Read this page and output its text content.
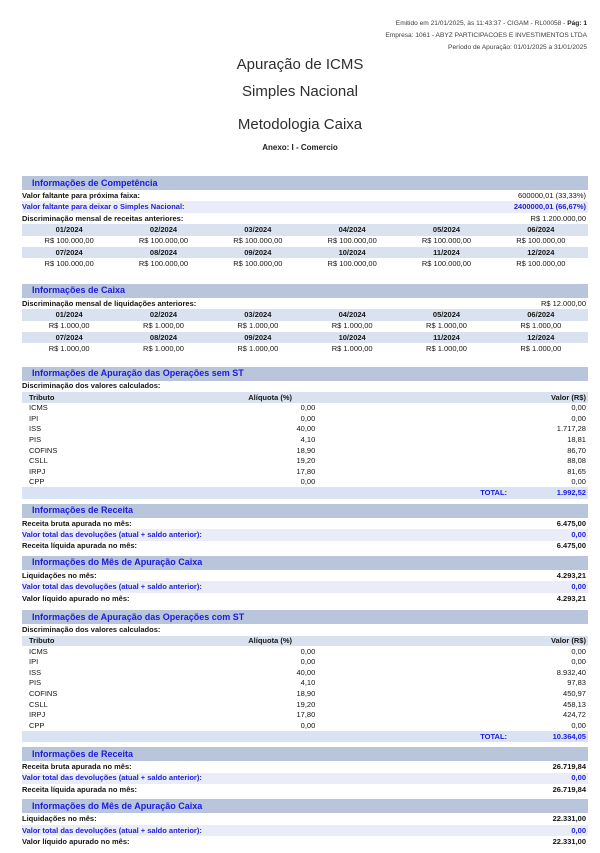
Emitido em 21/01/2025, às 11:43:37 - CIGAM - RL00058 - Pág: 1
Empresa: 1061 - ABYZ PARTICIPACOES E INVESTIMENTOS LTDA
Período de Apuração: 01/01/2025 a 31/01/2025
Apuração de ICMS
Simples Nacional
Metodologia Caixa
Anexo: I - Comercio
Informações de Competência
Valor faltante para próxima faixa:	600000,01 (33,33%)
Valor faltante para deixar o Simples Nacional:	2400000,01 (66,67%)
Discriminação mensal de receitas anteriores:	R$ 1.200.000,00
01/2024	02/2024	03/2024	04/2024	05/2024	06/2024
R$ 100.000,00	R$ 100.000,00	R$ 100.000,00	R$ 100.000,00	R$ 100.000,00	R$ 100.000,00
07/2024	08/2024	09/2024	10/2024	11/2024	12/2024
R$ 100.000,00	R$ 100.000,00	R$ 100.000,00	R$ 100.000,00	R$ 100.000,00	R$ 100.000,00
Informações de Caixa
Discriminação mensal de liquidações anteriores:	R$ 12.000,00
01/2024	02/2024	03/2024	04/2024	05/2024	06/2024
R$ 1.000,00	R$ 1.000,00	R$ 1.000,00	R$ 1.000,00	R$ 1.000,00	R$ 1.000,00
07/2024	08/2024	09/2024	10/2024	11/2024	12/2024
R$ 1.000,00	R$ 1.000,00	R$ 1.000,00	R$ 1.000,00	R$ 1.000,00	R$ 1.000,00
Informações de Apuração das Operações sem ST
Discriminação dos valores calculados:
Tributo	Alíquota (%)	Valor (R$)
ICMS	0,00	0,00
IPI	0,00	0,00
ISS	40,00	1.717,28
PIS	4,10	18,81
COFINS	18,90	86,70
CSLL	19,20	88,08
IRPJ	17,80	81,65
CPP	0,00	0,00
TOTAL:	1.992,52
Informações de Receita
Receita bruta apurada no mês:	6.475,00
Valor total das devoluções (atual + saldo anterior):	0,00
Receita líquida apurada no mês:	6.475,00
Informações do Mês de Apuração Caixa
Liquidações no mês:	4.293,21
Valor total das devoluções (atual + saldo anterior):	0,00
Valor líquido apurado no mês:	4.293,21
Informações de Apuração das Operações com ST
Discriminação dos valores calculados:
Tributo	Alíquota (%)	Valor (R$)
ICMS	0,00	0,00
IPI	0,00	0,00
ISS	40,00	8.932,40
PIS	4,10	97,83
COFINS	18,90	450,97
CSLL	19,20	458,13
IRPJ	17,80	424,72
CPP	0,00	0,00
TOTAL:	10.364,05
Informações de Receita
Receita bruta apurada no mês:	26.719,84
Valor total das devoluções (atual + saldo anterior):	0,00
Receita líquida apurada no mês:	26.719,84
Informações do Mês de Apuração Caixa
Liquidações no mês:	22.331,00
Valor total das devoluções (atual + saldo anterior):	0,00
Valor líquido apurado no mês:	22.331,00
